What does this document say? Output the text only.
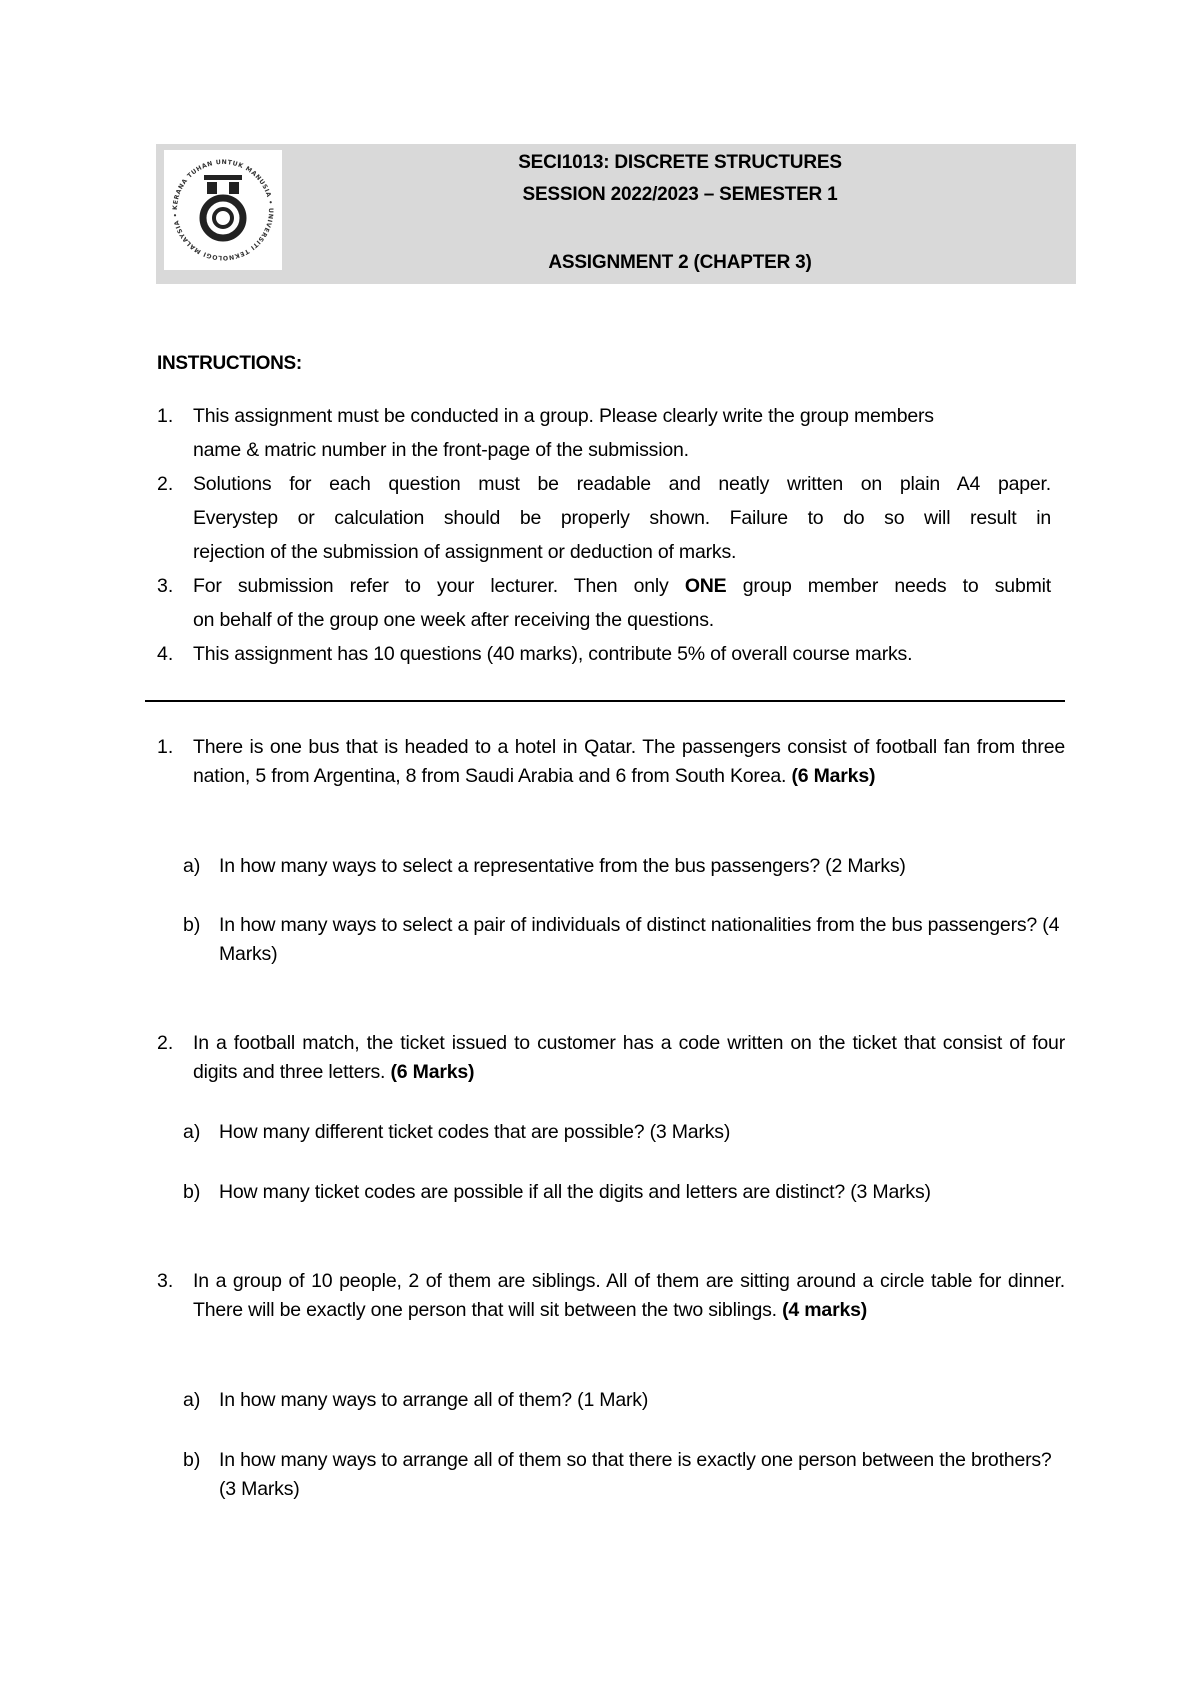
KERANA TUHAN UNTUK MANUSIA • UNIVERSITI TEKNOLOGI MALAYSIA •
SECI1013: DISCRETE STRUCTURES
SESSION 2022/2023 – SEMESTER 1
ASSIGNMENT 2 (CHAPTER 3)
INSTRUCTIONS:
1. This assignment must be conducted in a group. Please clearly write the group members
name & matric number in the front-page of the submission.
2. Solutions for each question must be readable and neatly written on plain A4 paper.
Everystep or calculation should be properly shown. Failure to do so will result in
rejection of the submission of assignment or deduction of marks.
3. For submission refer to your lecturer. Then only ONE group member needs to submit
on behalf of the group one week after receiving the questions.
4. This assignment has 10 questions (40 marks), contribute 5% of overall course marks.
1. There is one bus that is headed to a hotel in Qatar. The passengers consist of football fan from three nation, 5 from Argentina, 8 from Saudi Arabia and 6 from South Korea. (6 Marks)
a) In how many ways to select a representative from the bus passengers? (2 Marks)
b) In how many ways to select a pair of individuals of distinct nationalities from the bus passengers? (4 Marks)
2. In a football match, the ticket issued to customer has a code written on the ticket that consist of four digits and three letters. (6 Marks)
a) How many different ticket codes that are possible? (3 Marks)
b) How many ticket codes are possible if all the digits and letters are distinct? (3 Marks)
3. In a group of 10 people, 2 of them are siblings. All of them are sitting around a circle table for dinner. There will be exactly one person that will sit between the two siblings. (4 marks)
a) In how many ways to arrange all of them? (1 Mark)
b) In how many ways to arrange all of them so that there is exactly one person between the brothers? (3 Marks)
